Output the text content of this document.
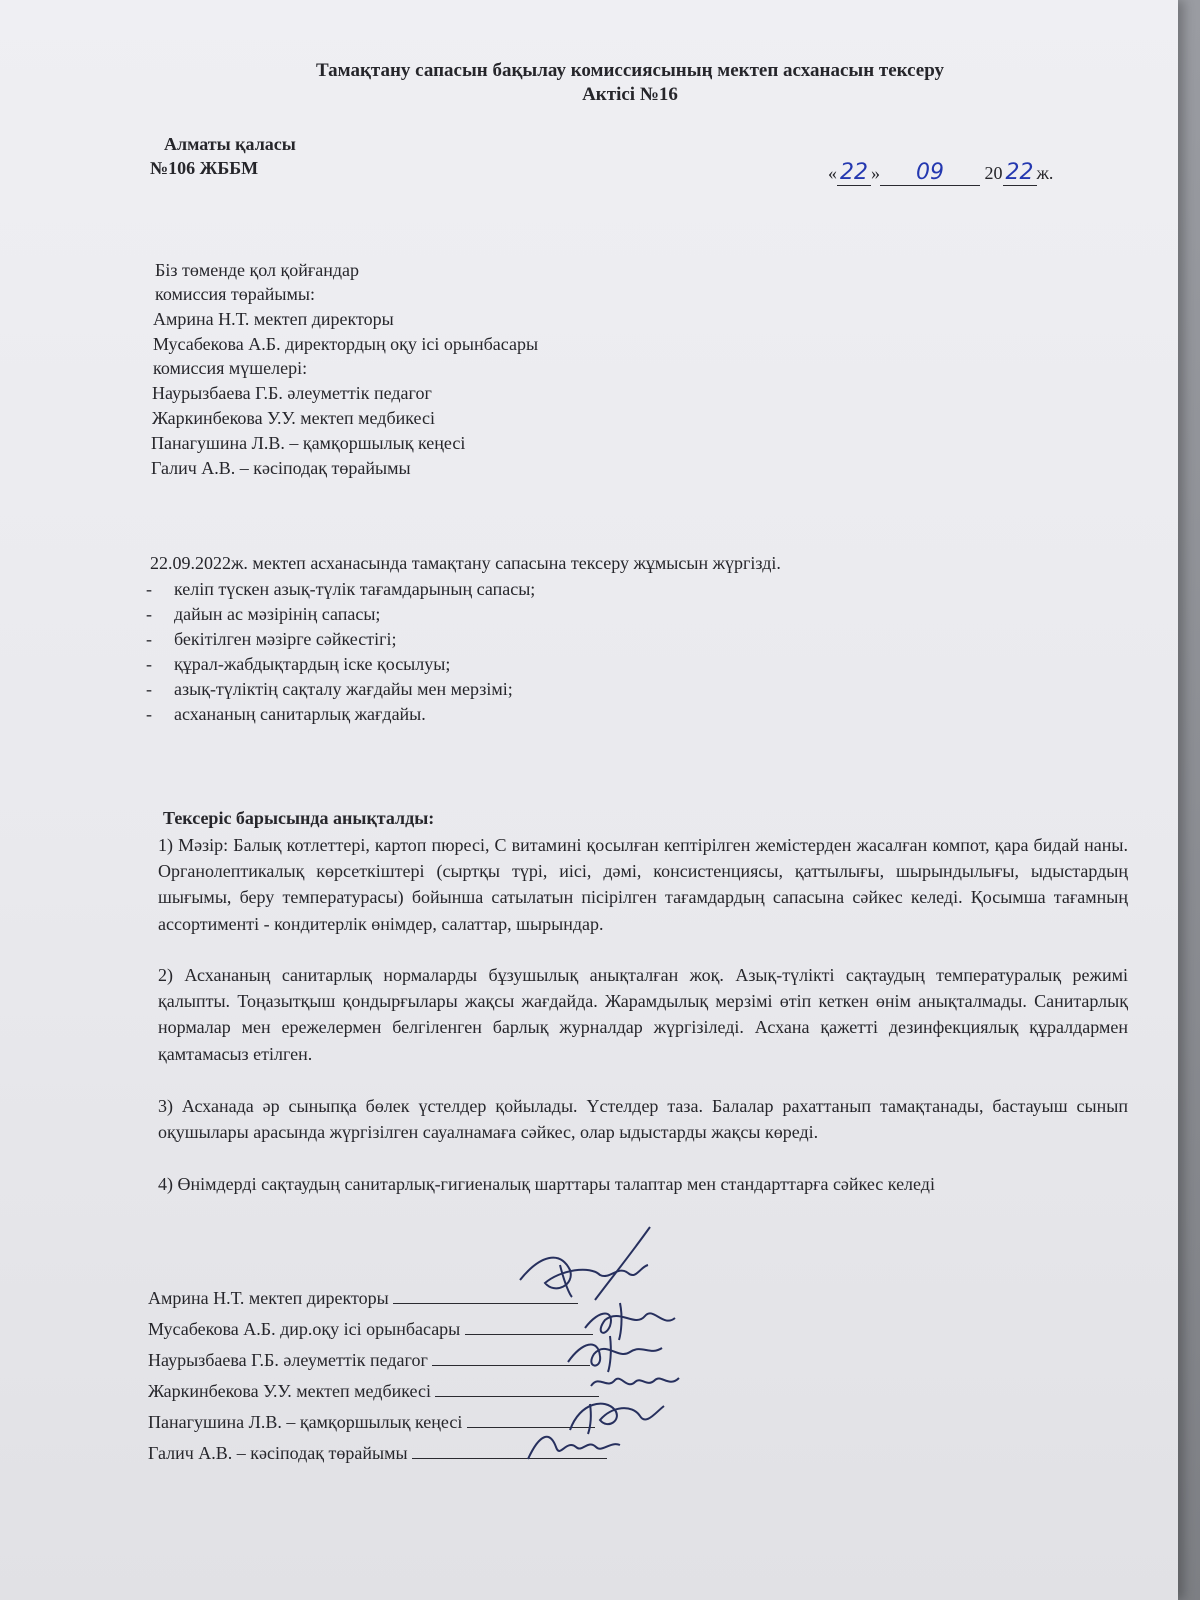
Тамақтану сапасын бақылау комиссиясының мектеп асханасын тексеру
Актісі №16
Алматы қаласы
№106 ЖББМ	« 22 » 09 20 22 ж.
Біз төменде қол қойғандар
комиссия төрайымы:
Амрина Н.Т. мектеп директоры
Мусабекова А.Б. директордың оқу ісі орынбасары
комиссия мүшелері:
Наурызбаева Г.Б. әлеуметтік педагог
Жаркинбекова У.У. мектеп медбикесі
Панагушина Л.В. – қамқоршылық кеңесі
Галич А.В. – кәсіподақ төрайымы
22.09.2022ж. мектеп асханасында тамақтану сапасына тексеру жұмысын жүргізді.
- келіп түскен азық-түлік тағамдарының сапасы;
- дайын ас мәзірінің сапасы;
- бекітілген мәзірге сәйкестігі;
- құрал-жабдықтардың іске қосылуы;
- азық-түліктің сақталу жағдайы мен мерзімі;
- асхананың санитарлық жағдайы.
Тексеріс барысында анықталды:
1) Мәзір: Балық котлеттері, картоп пюресі, С витамині қосылған кептірілген жемістерден жасалған компот, қара бидай наны. Органолептикалық көрсеткіштері (сыртқы түрі, иісі, дәмі, консистенциясы, қаттылығы, шырындылығы, ыдыстардың шығымы, беру температурасы) бойынша сатылатын пісірілген тағамдардың сапасына сәйкес келеді. Қосымша тағамның ассортименті - кондитерлік өнімдер, салаттар, шырындар.
2) Асхананың санитарлық нормаларды бұзушылық анықталған жоқ. Азық-түлікті сақтаудың температуралық режимі қалыпты. Тоңазытқыш қондырғылары жақсы жағдайда. Жарамдылық мерзімі өтіп кеткен өнім анықталмады. Санитарлық нормалар мен ережелермен белгіленген барлық журналдар жүргізіледі. Асхана қажетті дезинфекциялық құралдармен қамтамасыз етілген.
3) Асханада әр сыныпқа бөлек үстелдер қойылады. Үстелдер таза. Балалар рахаттанып тамақтанады, бастауыш сынып оқушылары арасында жүргізілген сауалнамаға сәйкес, олар ыдыстарды жақсы көреді.
4) Өнімдерді сақтаудың санитарлық-гигиеналық шарттары талаптар мен стандарттарға сәйкес келеді
Амрина Н.Т. мектеп директоры
Мусабекова А.Б. дир.оқу ісі орынбасары
Наурызбаева Г.Б. әлеуметтік педагог
Жаркинбекова У.У. мектеп медбикесі
Панагушина Л.В. – қамқоршылық кеңесі
Галич А.В. – кәсіподақ төрайымы
